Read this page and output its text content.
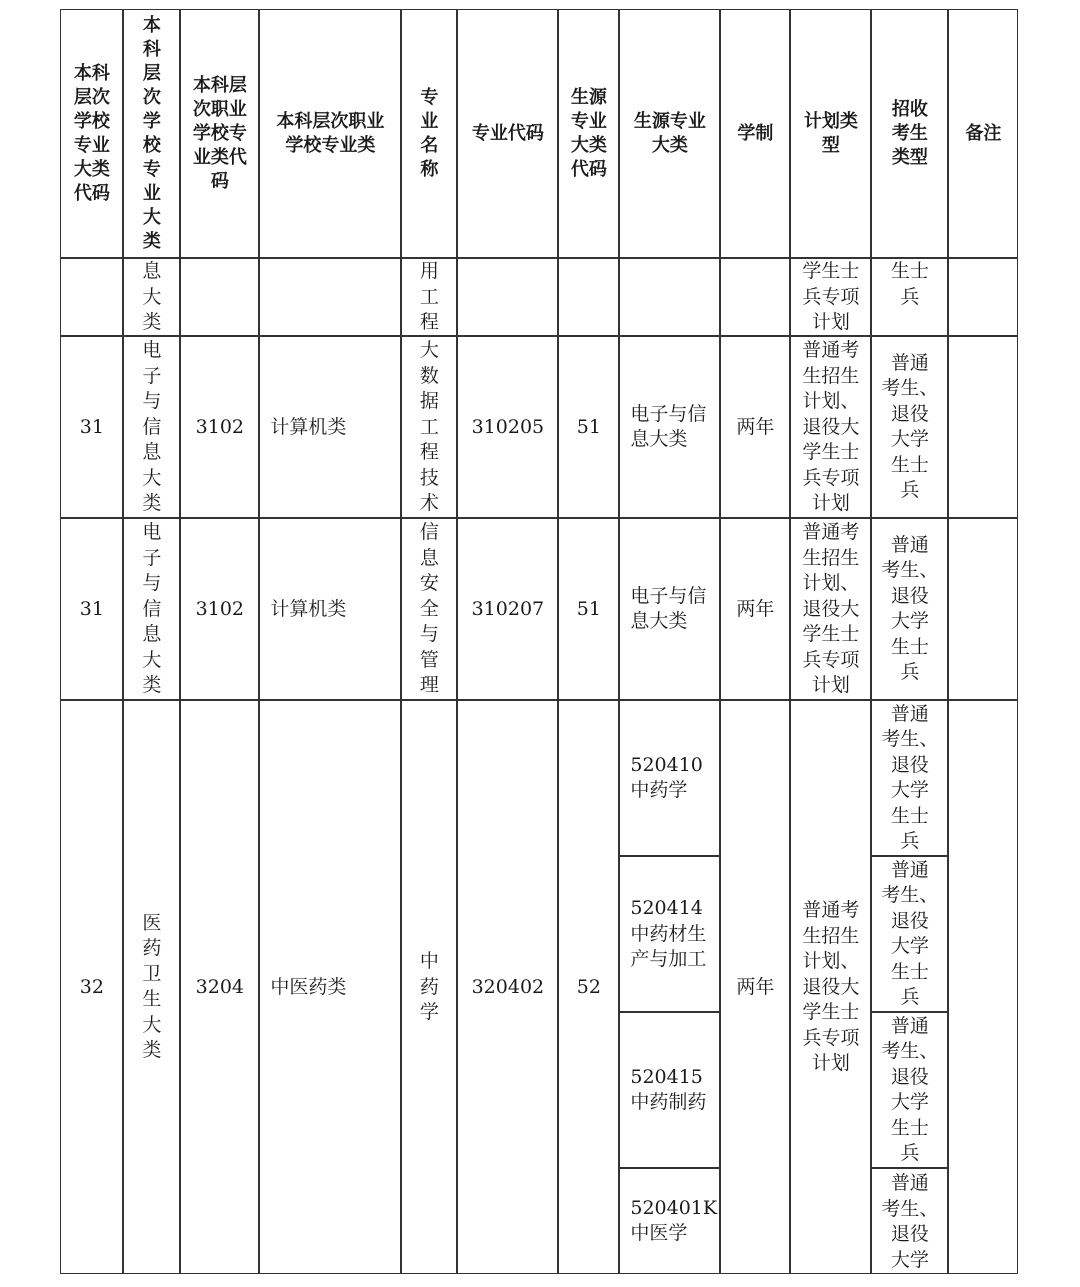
本科
层次
学校
专业
大类
代码
本
科
层
次
学
校
专
业
大
类
本科层
次职业
学校专
业类代
码
本科层次职业
学校专业类
专
业
名
称
专业代码
生源
专业
大类
代码
生源专业
大类
学制
计划类
型
招收
考生
类型
备注
息
大
类
用
工
程
学生士
兵专项
计划
生士
兵
31
电
子
与
信
息
大
类
3102 计算机类
大
数
据
工
程
技
术
310205 51
电子与信
息大类
两年
普通考
生招生
计划、
退役大
学生士
兵专项
计划
普通
考生、
退役
大学
生士
兵
31
电
子
与
信
息
大
类
3102 计算机类
信
息
安
全
与
管
理
310207 51
电子与信
息大类
两年
普通考
生招生
计划、
退役大
学生士
兵专项
计划
普通
考生、
退役
大学
生士
兵
32
医
药
卫
生
大
类
3204 中医药类
中
药
学
320402 52
520410
中药学
520414
中药材生
产与加工
520415
中药制药
520401K
中医学
两年
普通考
生招生
计划、
退役大
学生士
兵专项
计划
普通
考生、
退役
大学
生士
兵
普通
考生、
退役
大学
生士
兵
普通
考生、
退役
大学
生士
兵
普通
考生、
退役
大学
